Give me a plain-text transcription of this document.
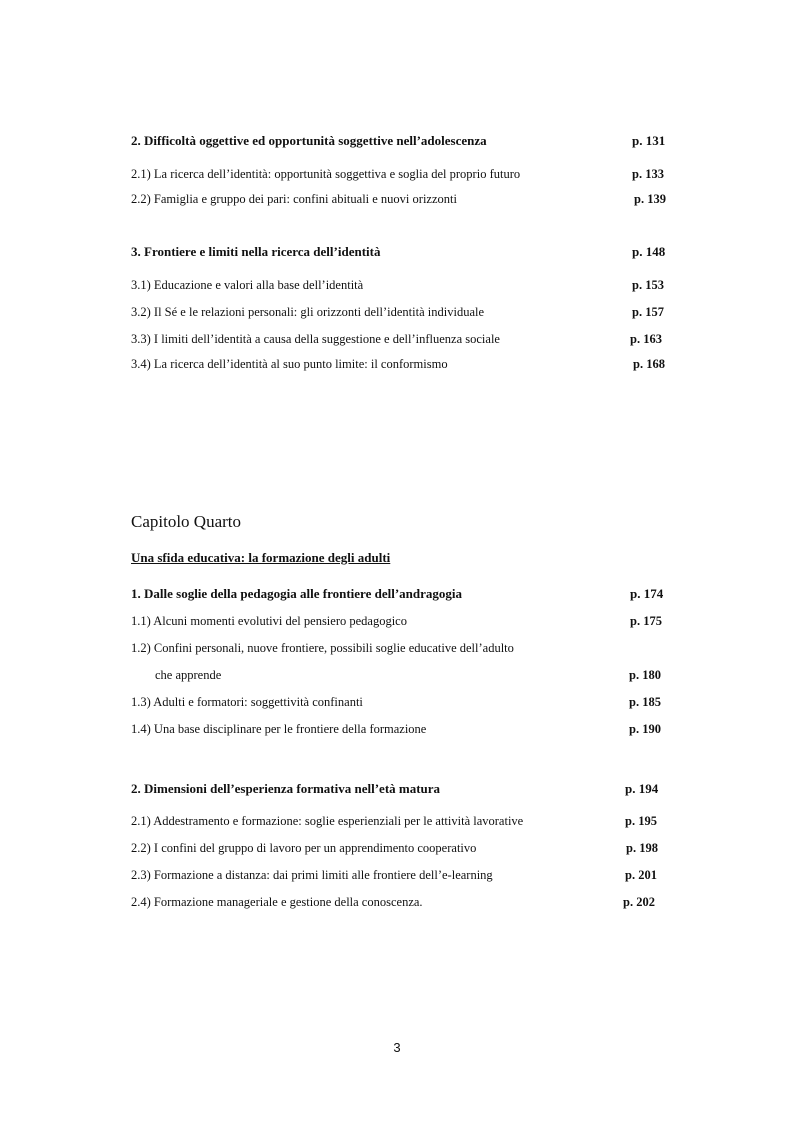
2. Difficoltà oggettive ed opportunità soggettive nell’adolescenza	p. 131
2.1) La ricerca dell’identità: opportunità soggettiva e soglia del proprio futuro	p. 133
2.2) Famiglia e gruppo dei pari: confini abituali e nuovi orizzonti	p. 139
3. Frontiere e limiti nella ricerca dell’identità	p. 148
3.1) Educazione e valori alla base dell’identità	p. 153
3.2) Il Sé e le relazioni personali: gli orizzonti dell’identità individuale	p. 157
3.3) I limiti dell’identità a causa della suggestione e dell’influenza sociale	p. 163
3.4) La ricerca dell’identità al suo punto limite: il conformismo	p. 168
Capitolo Quarto
Una sfida educativa: la formazione degli adulti
1. Dalle soglie della pedagogia alle frontiere dell’andragogia	p. 174
1.1) Alcuni momenti evolutivi del pensiero pedagogico	p. 175
1.2) Confini personali, nuove frontiere, possibili soglie educative dell’adulto
che apprende	p. 180
1.3) Adulti e formatori: soggettività confinanti	p. 185
1.4) Una base disciplinare per le frontiere della formazione	p. 190
2. Dimensioni dell’esperienza formativa nell’età matura	p. 194
2.1) Addestramento e formazione: soglie esperienziali per le attività lavorative	p. 195
2.2) I confini del gruppo di lavoro per un apprendimento cooperativo	p. 198
2.3) Formazione a distanza: dai primi limiti alle frontiere dell’e-learning	p. 201
2.4) Formazione manageriale e gestione della conoscenza.	p. 202
3
